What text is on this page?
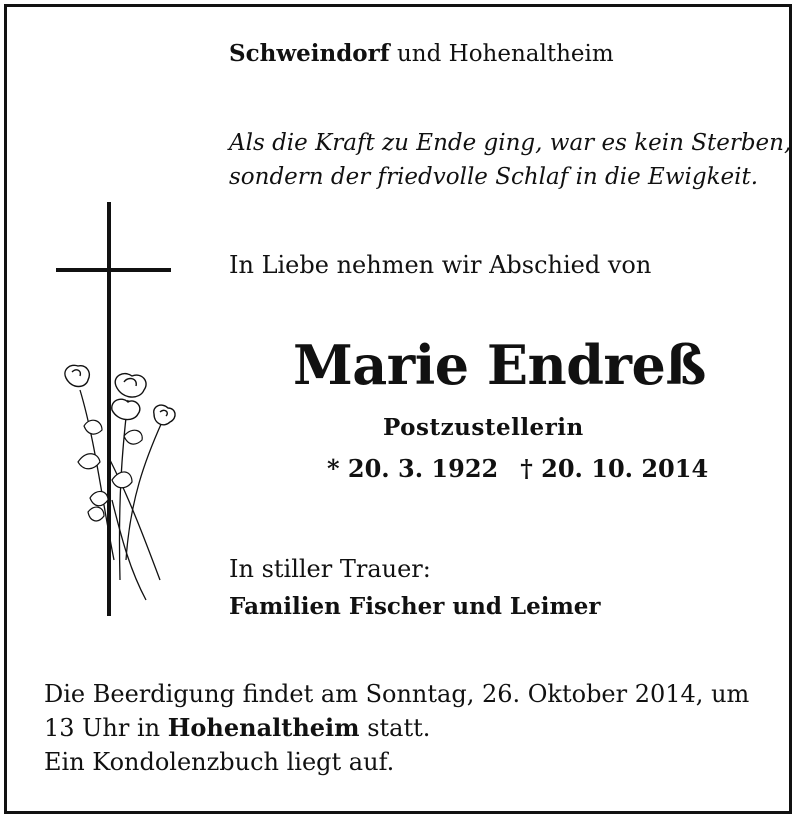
Schweindorf und Hohenaltheim
Als die Kraft zu Ende ging, war es kein Sterben,
sondern der friedvolle Schlaf in die Ewigkeit.
In Liebe nehmen wir Abschied von
Marie Endreß
Postzustellerin
* 20. 3. 1922 † 20. 10. 2014
In stiller Trauer:
Familien Fischer und Leimer
Die Beerdigung findet am Sonntag, 26. Oktober 2014, um
13 Uhr in Hohenaltheim statt.
Ein Kondolenzbuch liegt auf.
